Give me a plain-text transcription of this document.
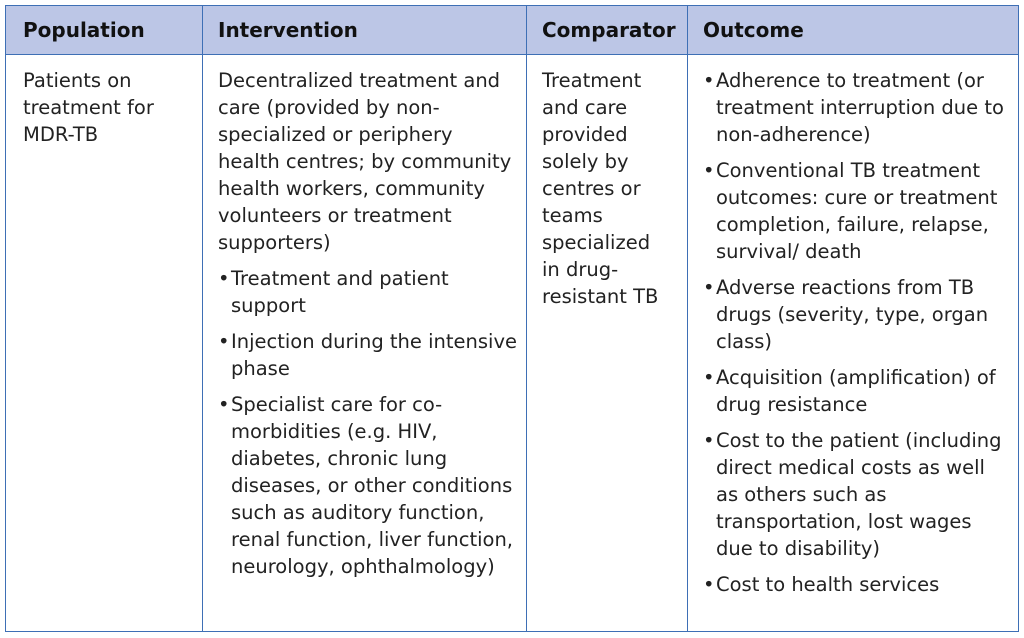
Population	Intervention	Comparator Outcome

Patients on treatment for MDR-TB

Decentralized treatment and care (provided by non-specialized or periphery health centres; by community health workers, community volunteers or treatment supporters)

• Treatment and patient support
• Injection during the intensive phase
• Specialist care for co-morbidities (e.g. HIV, diabetes, chronic lung diseases, or other conditions such as auditory function, renal function, liver function, neurology, ophthalmology)

Treatment and care provided solely by centres or teams specialized in drug-resistant TB

• Adherence to treatment (or treatment interruption due to non-adherence)
• Conventional TB treatment outcomes: cure or treatment completion, failure, relapse, survival/ death
• Adverse reactions from TB drugs (severity, type, organ class)
• Acquisition (amplification) of drug resistance
• Cost to the patient (including direct medical costs as well as others such as transportation, lost wages due to disability)
• Cost to health services
